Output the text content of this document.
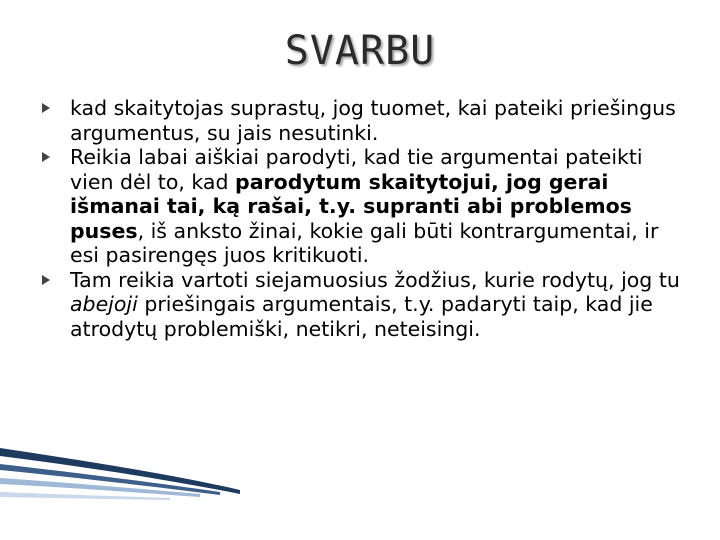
SVARBU
kad skaitytojas suprastų, jog tuomet, kai pateiki priešingus argumentus, su jais nesutinki.
Reikia labai aiškiai parodyti, kad tie argumentai pateikti vien dėl to, kad parodytum skaitytojui, jog gerai išmanai tai, ką rašai, t.y. supranti abi problemos puses, iš anksto žinai, kokie gali būti kontrargumentai, ir esi pasirengęs juos kritikuoti.
Tam reikia vartoti siejamuosius žodžius, kurie rodytų, jog tu abejoji priešingais argumentais, t.y. padaryti taip, kad jie atrodytų problemiški, netikri, neteisingi.
